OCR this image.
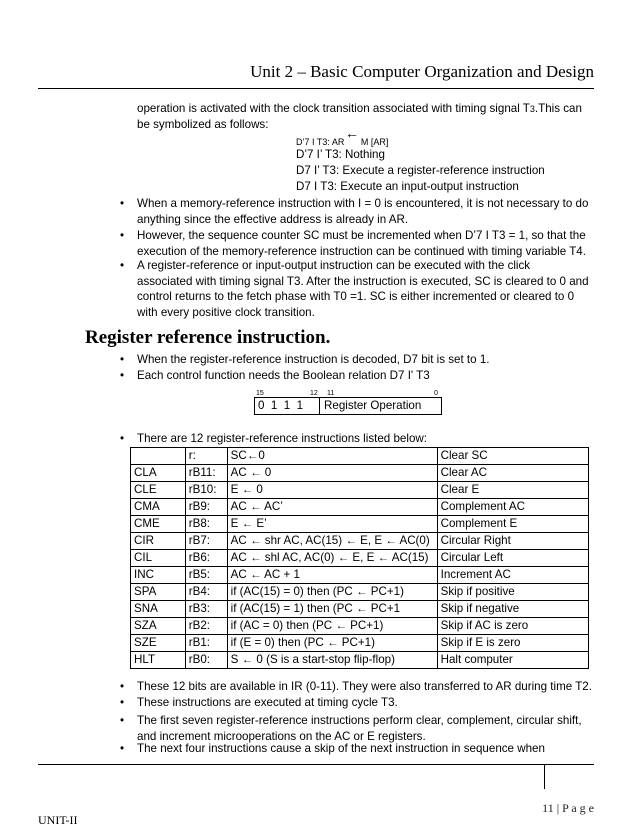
Unit 2 – Basic Computer Organization and Design
operation is activated with the clock transition associated with timing signal T3.This can
be symbolized as follows:
←
D’7 I T3: AR M [AR]
D’7 I’ T3: Nothing
D7 I’ T3: Execute a register-reference instruction
D7 I T3: Execute an input-output instruction
•	When a memory-reference instruction with I = 0 is encountered, it is not necessary to do
anything since the effective address is already in AR.
•	However, the sequence counter SC must be incremented when D’7 I T3 = 1, so that the
execution of the memory-reference instruction can be continued with timing variable T4.
•	A register-reference or input-output instruction can be executed with the click
associated with timing signal T3. After the instruction is executed, SC is cleared to 0 and
control returns to the fetch phase with T0 =1. SC is either incremented or cleared to 0
with every positive clock transition.
Register reference instruction.
•	When the register-reference instruction is decoded, D7 bit is set to 1.
•	Each control function needs the Boolean relation D7 I' T3
15	12 11	0
0  1  1  1 Register Operation
•	There are 12 register-reference instructions listed below:
	r:	SC←0	Clear SC
CLA	rB11:	AC ← 0	Clear AC
CLE	rB10:	E ← 0	Clear E
CMA	rB9:	AC ← AC’	Complement AC
CME	rB8:	E ← E’	Complement E
CIR	rB7:	AC ← shr AC, AC(15) ← E, E ← AC(0)	Circular Right
CIL	rB6:	AC ← shl AC, AC(0) ← E, E ← AC(15)	Circular Left
INC	rB5:	AC ← AC + 1	Increment AC
SPA	rB4:	if (AC(15) = 0) then (PC ← PC+1)	Skip if positive
SNA	rB3:	if (AC(15) = 1) then (PC ← PC+1	Skip if negative
SZA	rB2:	if (AC = 0) then (PC ← PC+1)	Skip if AC is zero
SZE	rB1:	if (E = 0) then (PC ← PC+1)	Skip if E is zero
HLT	rB0:	S ← 0 (S is a start-stop flip-flop)	Halt computer
•	These 12 bits are available in IR (0-11). They were also transferred to AR during time T2.
•	These instructions are executed at timing cycle T3.
•	The first seven register-reference instructions perform clear, complement, circular shift,
and increment microoperations on the AC or E registers.
•	The next four instructions cause a skip of the next instruction in sequence when
11 | P a g e
UNIT-II
